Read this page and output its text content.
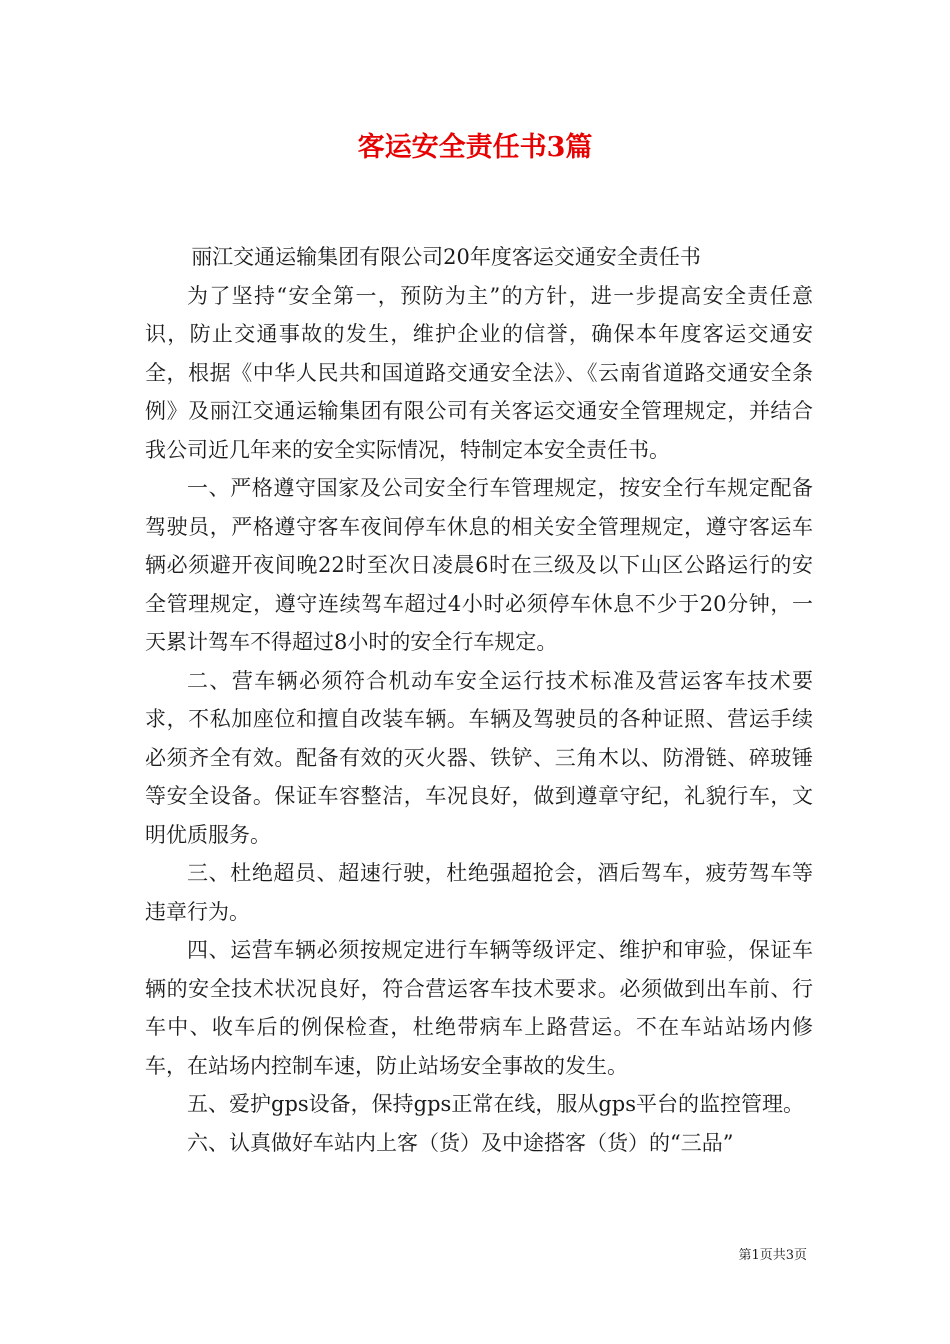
客运安全责任书3篇

丽江交通运输集团有限公司20年度客运交通安全责任书

为了坚持“安全第一，预防为主”的方针，进一步提高安全责任意识，防止交通事故的发生，维护企业的信誉，确保本年度客运交通安全，根据《中华人民共和国道路交通安全法》、《云南省道路交通安全条例》及丽江交通运输集团有限公司有关客运交通安全管理规定，并结合我公司近几年来的安全实际情况，特制定本安全责任书。

一、严格遵守国家及公司安全行车管理规定，按安全行车规定配备驾驶员，严格遵守客车夜间停车休息的相关安全管理规定，遵守客运车辆必须避开夜间晚22时至次日凌晨6时在三级及以下山区公路运行的安全管理规定，遵守连续驾车超过4小时必须停车休息不少于20分钟，一天累计驾车不得超过8小时的安全行车规定。

二、营车辆必须符合机动车安全运行技术标准及营运客车技术要求，不私加座位和擅自改装车辆。车辆及驾驶员的各种证照、营运手续必须齐全有效。配备有效的灭火器、铁铲、三角木以、防滑链、碎玻锤等安全设备。保证车容整洁，车况良好，做到遵章守纪，礼貌行车，文明优质服务。

三、杜绝超员、超速行驶，杜绝强超抢会，酒后驾车，疲劳驾车等违章行为。

四、运营车辆必须按规定进行车辆等级评定、维护和审验，保证车辆的安全技术状况良好，符合营运客车技术要求。必须做到出车前、行车中、收车后的例保检查，杜绝带病车上路营运。不在车站站场内修车，在站场内控制车速，防止站场安全事故的发生。

五、爱护gps设备，保持gps正常在线，服从gps平台的监控管理。

六、认真做好车站内上客（货）及中途搭客（货）的“三品”

第1页共3页
